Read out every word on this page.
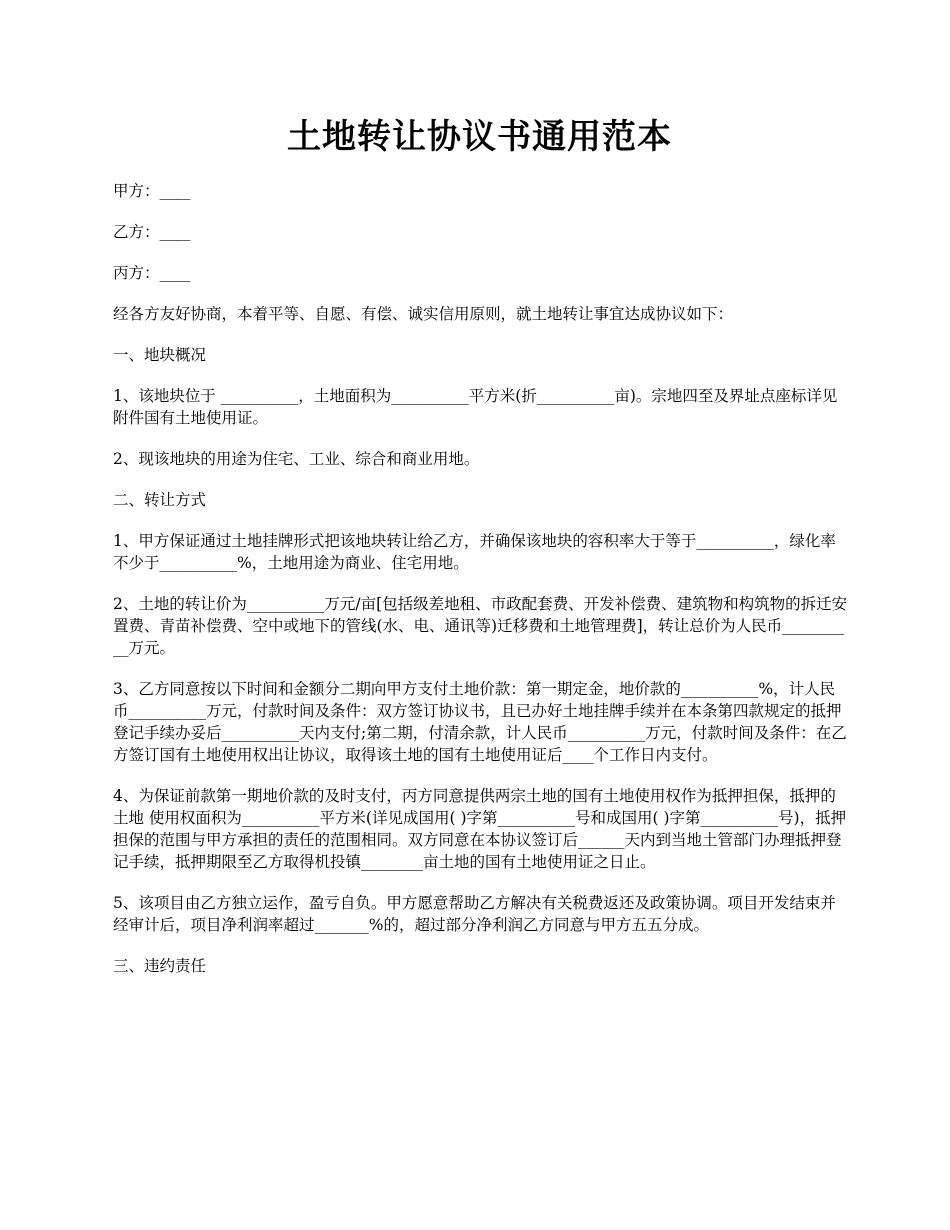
土地转让协议书通用范本

甲方：____

乙方：____

丙方：____

经各方友好协商，本着平等、自愿、有偿、诚实信用原则，就土地转让事宜达成协议如下：

一、地块概况

1、该地块位于 __________，土地面积为__________平方米(折__________亩)。宗地四至及界址点座标详见附件国有土地使用证。

2、现该地块的用途为住宅、工业、综合和商业用地。

二、转让方式

1、甲方保证通过土地挂牌形式把该地块转让给乙方，并确保该地块的容积率大于等于__________，绿化率不少于__________%，土地用途为商业、住宅用地。

2、土地的转让价为__________万元/亩[包括级差地租、市政配套费、开发补偿费、建筑物和构筑物的拆迁安置费、青苗补偿费、空中或地下的管线(水、电、通讯等)迁移费和土地管理费]，转让总价为人民币__________万元。

3、乙方同意按以下时间和金额分二期向甲方支付土地价款：第一期定金，地价款的__________%，计人民币__________万元，付款时间及条件：双方签订协议书，且已办好土地挂牌手续并在本条第四款规定的抵押登记手续办妥后__________天内支付;第二期，付清余款，计人民币__________万元，付款时间及条件：在乙方签订国有土地使用权出让协议，取得该土地的国有土地使用证后____个工作日内支付。

4、为保证前款第一期地价款的及时支付，丙方同意提供两宗土地的国有土地使用权作为抵押担保，抵押的土地 使用权面积为__________平方米(详见成国用( )字第__________号和成国用( )字第__________号)，抵押担保的范围与甲方承担的责任的范围相同。双方同意在本协议签订后______天内到当地土管部门办理抵押登记手续，抵押期限至乙方取得机投镇________亩土地的国有土地使用证之日止。

5、该项目由乙方独立运作，盈亏自负。甲方愿意帮助乙方解决有关税费返还及政策协调。项目开发结束并经审计后，项目净利润率超过_______%的，超过部分净利润乙方同意与甲方五五分成。

三、违约责任
